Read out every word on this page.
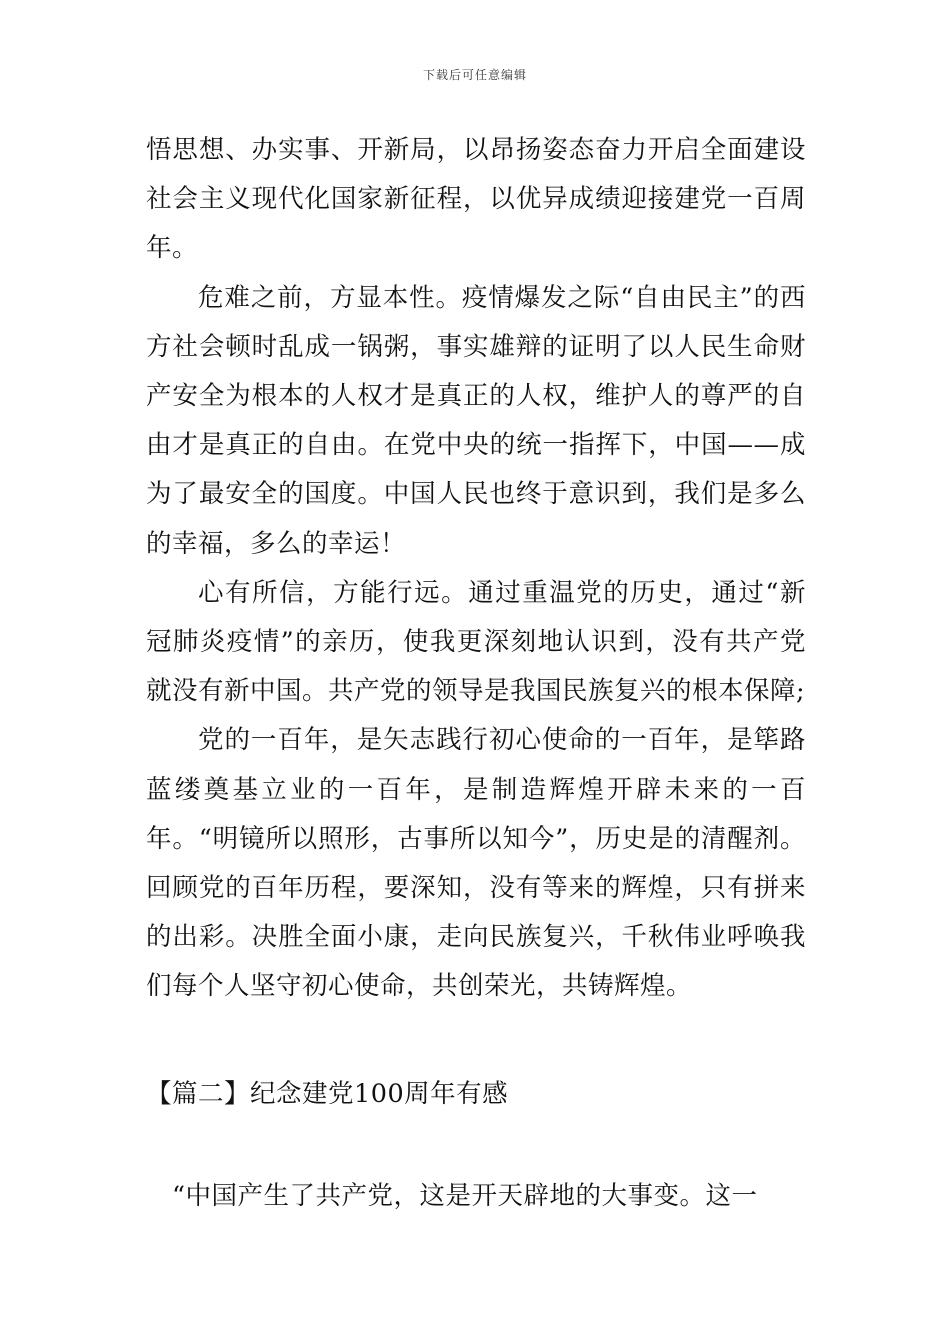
下载后可任意编辑

悟思想、办实事、开新局，以昂扬姿态奋力开启全面建设社会主义现代化国家新征程，以优异成绩迎接建党一百周年。

危难之前，方显本性。疫情爆发之际“自由民主”的西方社会顿时乱成一锅粥，事实雄辩的证明了以人民生命财产安全为根本的人权才是真正的人权，维护人的尊严的自由才是真正的自由。在党中央的统一指挥下，中国——成为了最安全的国度。中国人民也终于意识到，我们是多么的幸福，多么的幸运！

心有所信，方能行远。通过重温党的历史，通过“新冠肺炎疫情”的亲历，使我更深刻地认识到，没有共产党就没有新中国。共产党的领导是我国民族复兴的根本保障;

党的一百年，是矢志践行初心使命的一百年，是筚路蓝缕奠基立业的一百年，是制造辉煌开辟未来的一百年。“明镜所以照形，古事所以知今”，历史是的清醒剂。回顾党的百年历程，要深知，没有等来的辉煌，只有拼来的出彩。决胜全面小康，走向民族复兴，千秋伟业呼唤我们每个人坚守初心使命，共创荣光，共铸辉煌。

【篇二】纪念建党100周年有感

“中国产生了共产党，这是开天辟地的大事变。这一
